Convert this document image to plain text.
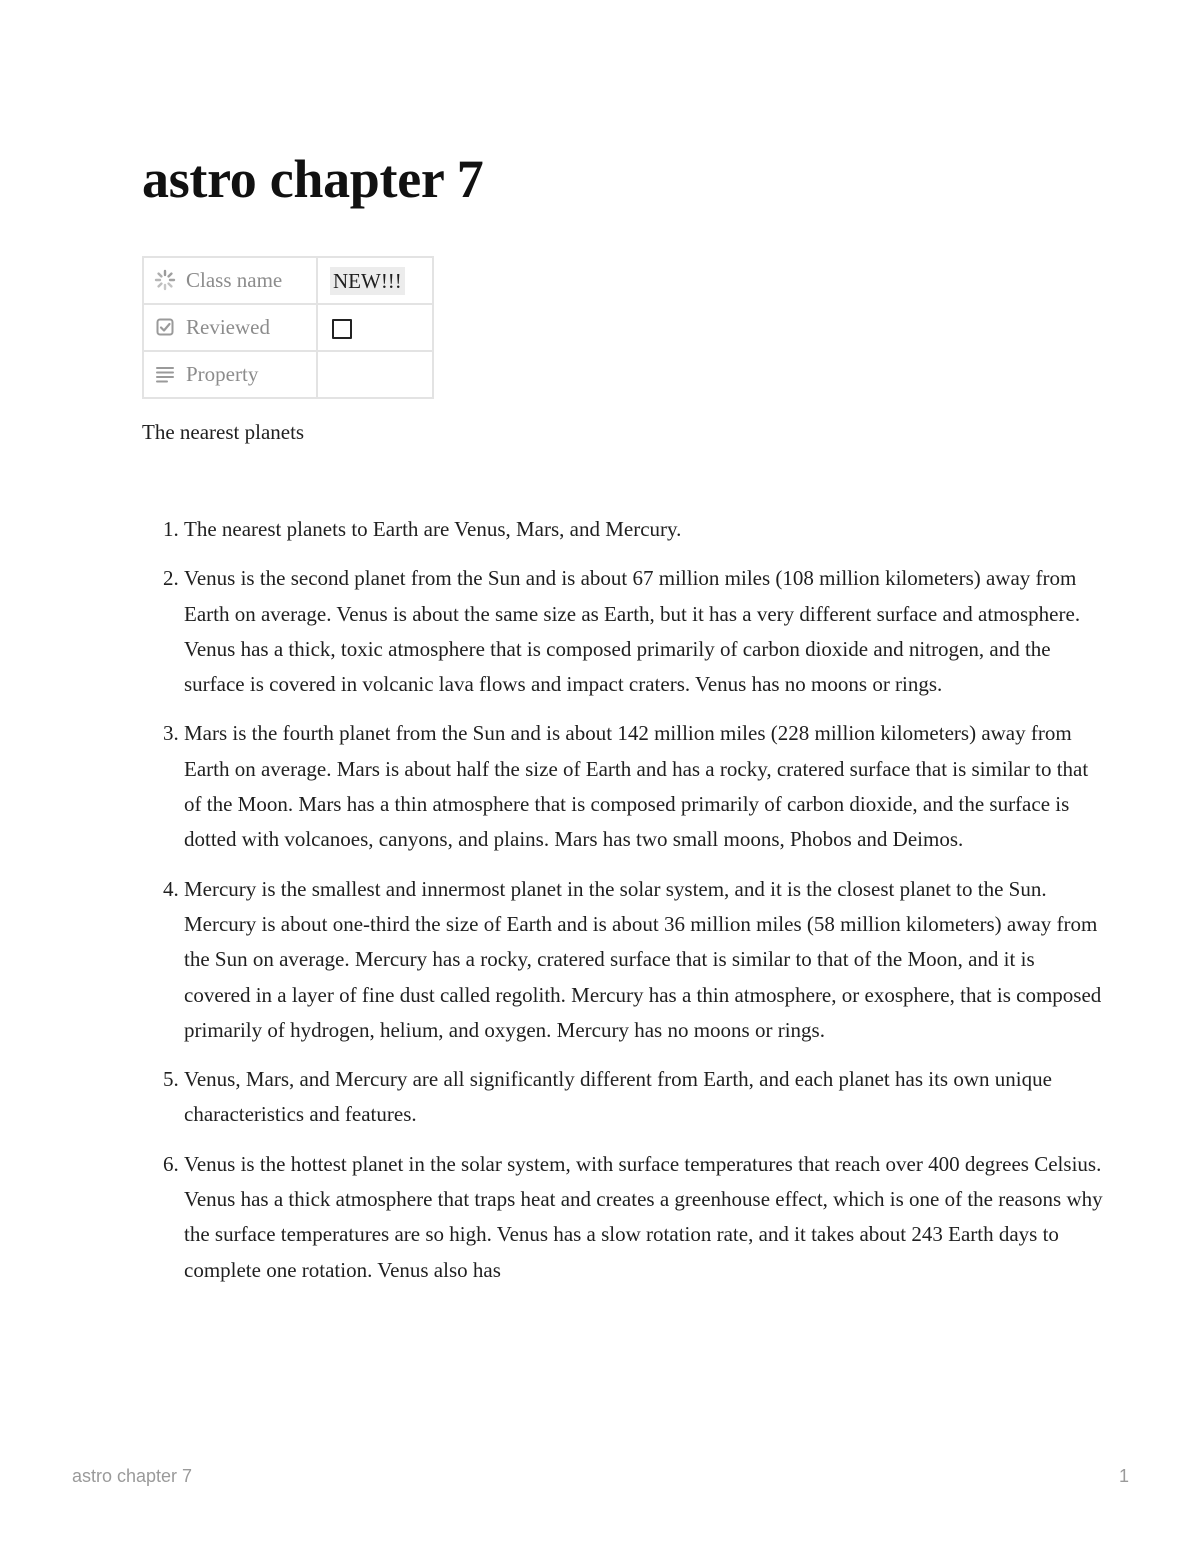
astro chapter 7
Class name	NEW!!!

Reviewed	

Property	

The nearest planets

1. The nearest planets to Earth are Venus, Mars, and Mercury.
2. Venus is the second planet from the Sun and is about 67 million miles (108 million kilometers) away from Earth on average. Venus is about the same size as Earth, but it has a very different surface and atmosphere. Venus has a thick, toxic atmosphere that is composed primarily of carbon dioxide and nitrogen, and the surface is covered in volcanic lava flows and impact craters. Venus has no moons or rings.
3. Mars is the fourth planet from the Sun and is about 142 million miles (228 million kilometers) away from Earth on average. Mars is about half the size of Earth and has a rocky, cratered surface that is similar to that of the Moon. Mars has a thin atmosphere that is composed primarily of carbon dioxide, and the surface is dotted with volcanoes, canyons, and plains. Mars has two small moons, Phobos and Deimos.
4. Mercury is the smallest and innermost planet in the solar system, and it is the closest planet to the Sun. Mercury is about one-third the size of Earth and is about 36 million miles (58 million kilometers) away from the Sun on average. Mercury has a rocky, cratered surface that is similar to that of the Moon, and it is covered in a layer of fine dust called regolith. Mercury has a thin atmosphere, or exosphere, that is composed primarily of hydrogen, helium, and oxygen. Mercury has no moons or rings.
5. Venus, Mars, and Mercury are all significantly different from Earth, and each planet has its own unique characteristics and features.
6. Venus is the hottest planet in the solar system, with surface temperatures that reach over 400 degrees Celsius. Venus has a thick atmosphere that traps heat and creates a greenhouse effect, which is one of the reasons why the surface temperatures are so high. Venus has a slow rotation rate, and it takes about 243 Earth days to complete one rotation. Venus also has
astro chapter 7	1
